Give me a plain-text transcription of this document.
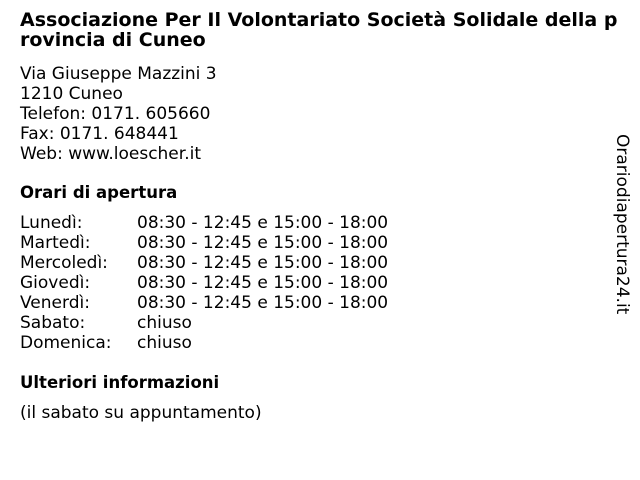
Associazione Per Il Volontariato Società Solidale della provincia di Cuneo
Via Giuseppe Mazzini 3
1210 Cuneo
Telefon: 0171. 605660
Fax: 0171. 648441
Web: www.loescher.it
Orari di apertura
Lunedì:	08:30 - 12:45 e 15:00 - 18:00
Martedì:	08:30 - 12:45 e 15:00 - 18:00
Mercoledì:	08:30 - 12:45 e 15:00 - 18:00
Giovedì:	08:30 - 12:45 e 15:00 - 18:00
Venerdì:	08:30 - 12:45 e 15:00 - 18:00
Sabato:	chiuso
Domenica:	chiuso
Ulteriori informazioni
(il sabato su appuntamento)
Orariodiapertura24.it
